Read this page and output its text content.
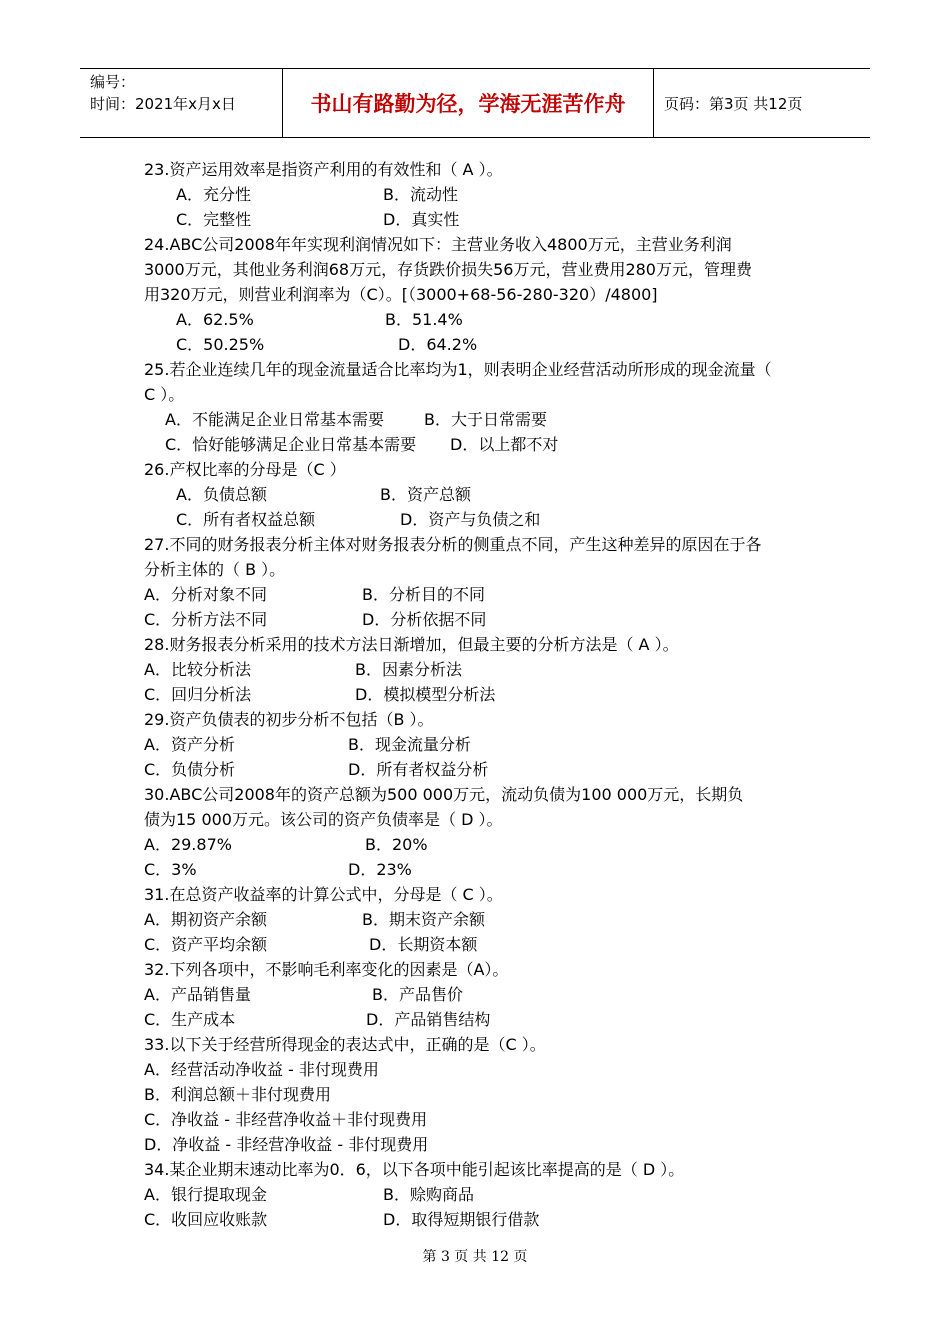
编号：
时间：2021年x月x日	书山有路勤为径，学海无涯苦作舟	页码：第3页 共12页
23.资产运用效率是指资产利用的有效性和（ A ）。
A．充分性	B．流动性
C．完整性	D．真实性
24.ABC公司2008年年实现利润情况如下：主营业务收入4800万元，主营业务利润
3000万元，其他业务利润68万元，存货跌价损失56万元，营业费用280万元，管理费
用320万元，则营业利润率为（C）。[（3000+68-56-280-320）/4800]
A．62.5%	B．51.4%
C．50.25%	D．64.2%
25.若企业连续几年的现金流量适合比率均为1，则表明企业经营活动所形成的现金流量（
C ）。
A．不能满足企业日常基本需要	B．大于日常需要
C．恰好能够满足企业日常基本需要 D．以上都不对
26.产权比率的分母是（C ）
A．负债总额	B．资产总额
C．所有者权益总额	D．资产与负债之和
27.不同的财务报表分析主体对财务报表分析的侧重点不同，产生这种差异的原因在于各
分析主体的（ B ）。
A．分析对象不同	B．分析目的不同
C．分析方法不同	D．分析依据不同
28.财务报表分析采用的技术方法日渐增加，但最主要的分析方法是（ A ）。
A．比较分析法	B．因素分析法
C．回归分析法	D．模拟模型分析法
29.资产负债表的初步分析不包括（B ）。
A．资产分析	B．现金流量分析
C．负债分析	D．所有者权益分析
30.ABC公司2008年的资产总额为500 000万元，流动负债为100 000万元，长期负
债为15 000万元。该公司的资产负债率是（ D ）。
A．29.87%	B．20%
C．3%	D．23%
31.在总资产收益率的计算公式中，分母是（ C ）。
A．期初资产余额	B．期末资产余额
C．资产平均余额	D．长期资本额
32.下列各项中，不影响毛利率变化的因素是（A）。
A．产品销售量	B．产品售价
C．生产成本	D．产品销售结构
33.以下关于经营所得现金的表达式中，正确的是（C ）。
A．经营活动净收益 - 非付现费用
B．利润总额＋非付现费用
C．净收益 - 非经营净收益＋非付现费用
D．净收益 - 非经营净收益 - 非付现费用
34.某企业期末速动比率为0．6，以下各项中能引起该比率提高的是（ D ）。
A．银行提取现金	B．赊购商品
C．收回应收账款	D．取得短期银行借款
第 3 页 共 12 页
